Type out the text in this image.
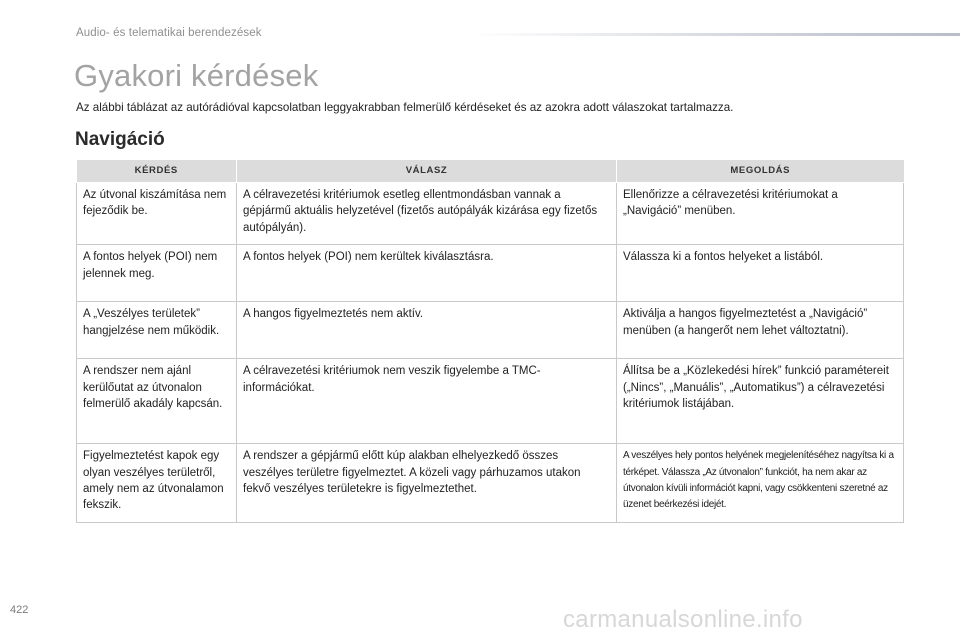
Audio- és telematikai berendezések
Gyakori kérdések

Az alábbi táblázat az autórádióval kapcsolatban leggyakrabban felmerülő kérdéseket és az azokra adott válaszokat tartalmazza.

Navigáció
KÉRDÉS	VÁLASZ	MEGOLDÁS
Az útvonal kiszámítása nem fejeződik be.	A célravezetési kritériumok esetleg ellentmondásban vannak a gépjármű aktuális helyzetével (fizetős autópályák kizárása egy fizetős autópályán).	Ellenőrizze a célravezetési kritériumokat a „Navigáció” menüben.
A fontos helyek (POI) nem jelennek meg.	A fontos helyek (POI) nem kerültek kiválasztásra.	Válassza ki a fontos helyeket a listából.
A „Veszélyes területek” hangjelzése nem működik.	A hangos figyelmeztetés nem aktív.	Aktiválja a hangos figyelmeztetést a „Navigáció” menüben (a hangerőt nem lehet változtatni).
A rendszer nem ajánl kerülőutat az útvonalon felmerülő akadály kapcsán.	A célravezetési kritériumok nem veszik figyelembe a TMC-információkat.	Állítsa be a „Közlekedési hírek” funkció paramétereit („Nincs”, „Manuális”, „Automatikus”) a célravezetési kritériumok listájában.
Figyelmeztetést kapok egy olyan veszélyes területről, amely nem az útvonalamon fekszik.	A rendszer a gépjármű előtt kúp alakban elhelyezkedő összes veszélyes területre figyelmeztet. A közeli vagy párhuzamos utakon fekvő veszélyes területekre is figyelmeztethet.	A veszélyes hely pontos helyének megjelenítéséhez nagyítsa ki a térképet. Válassza „Az útvonalon” funkciót, ha nem akar az útvonalon kívüli információt kapni, vagy csökkenteni szeretné az üzenet beérkezési idejét.
422	carmanualsonline.info
